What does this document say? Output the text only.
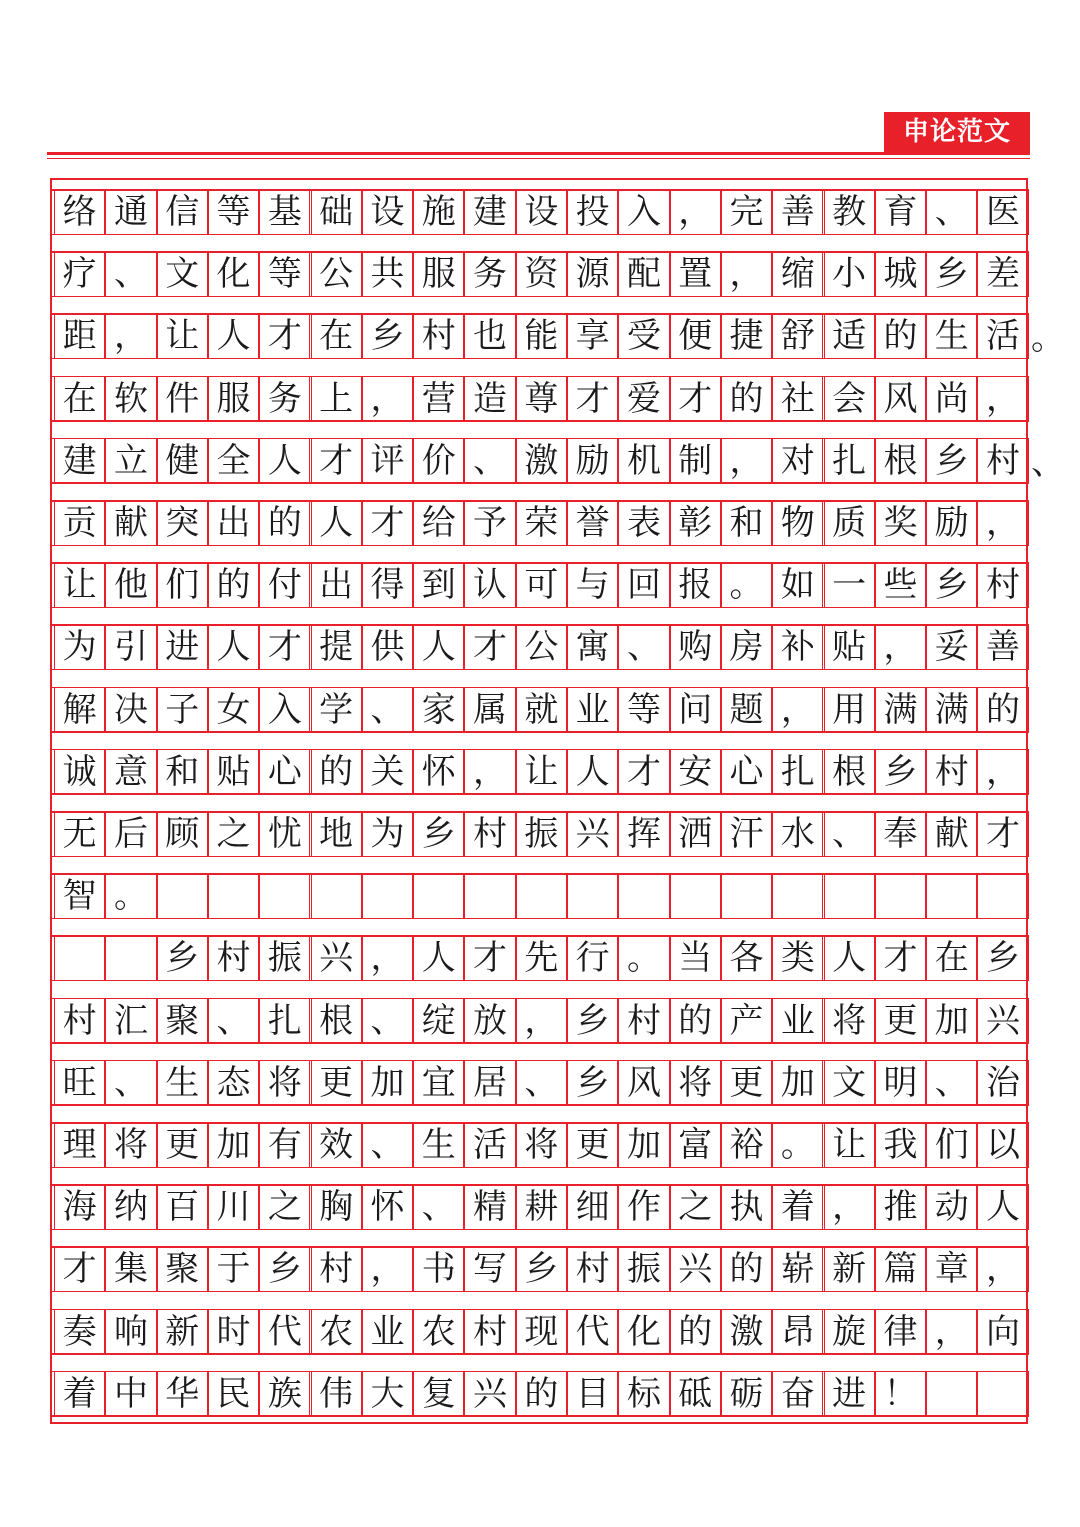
申论范文
络 通 信 等 基 础 设 施 建 设 投 入 ， 完 善 教 育 、 医
疗 、 文 化 等 公 共 服 务 资 源 配 置 ， 缩 小 城 乡 差
距 ， 让 人 才 在 乡 村 也 能 享 受 便 捷 舒 适 的 生 活
在 软 件 服 务 上 ， 营 造 尊 才 爱 才 的 社 会 风 尚 ，
建 立 健 全 人 才 评 价 、 激 励 机 制 ， 对 扎 根 乡 村
贡 献 突 出 的 人 才 给 予 荣 誉 表 彰 和 物 质 奖 励 ，
让 他 们 的 付 出 得 到 认 可 与 回 报 。 如 一 些 乡 村
为 引 进 人 才 提 供 人 才 公 寓 、 购 房 补 贴 ， 妥 善
解 决 子 女 入 学 、 家 属 就 业 等 问 题 ， 用 满 满 的
诚 意 和 贴 心 的 关 怀 ， 让 人 才 安 心 扎 根 乡 村 ，
无 后 顾 之 忧 地 为 乡 村 振 兴 挥 洒 汗 水 、 奉 献 才
智 。
乡 村 振 兴 ， 人 才 先 行 。 当 各 类 人 才 在 乡
村 汇 聚 、 扎 根 、 绽 放 ， 乡 村 的 产 业 将 更 加 兴
旺 、 生 态 将 更 加 宜 居 、 乡 风 将 更 加 文 明 、 治
理 将 更 加 有 效 、 生 活 将 更 加 富 裕 。 让 我 们 以
海 纳 百 川 之 胸 怀 、 精 耕 细 作 之 执 着 ， 推 动 人
才 集 聚 于 乡 村 ， 书 写 乡 村 振 兴 的 崭 新 篇 章 ，
奏 响 新 时 代 农 业 农 村 现 代 化 的 激 昂 旋 律 ， 向
着 中 华 民 族 伟 大 复 兴 的 目 标 砥 砺 奋 进 ！
。
、
